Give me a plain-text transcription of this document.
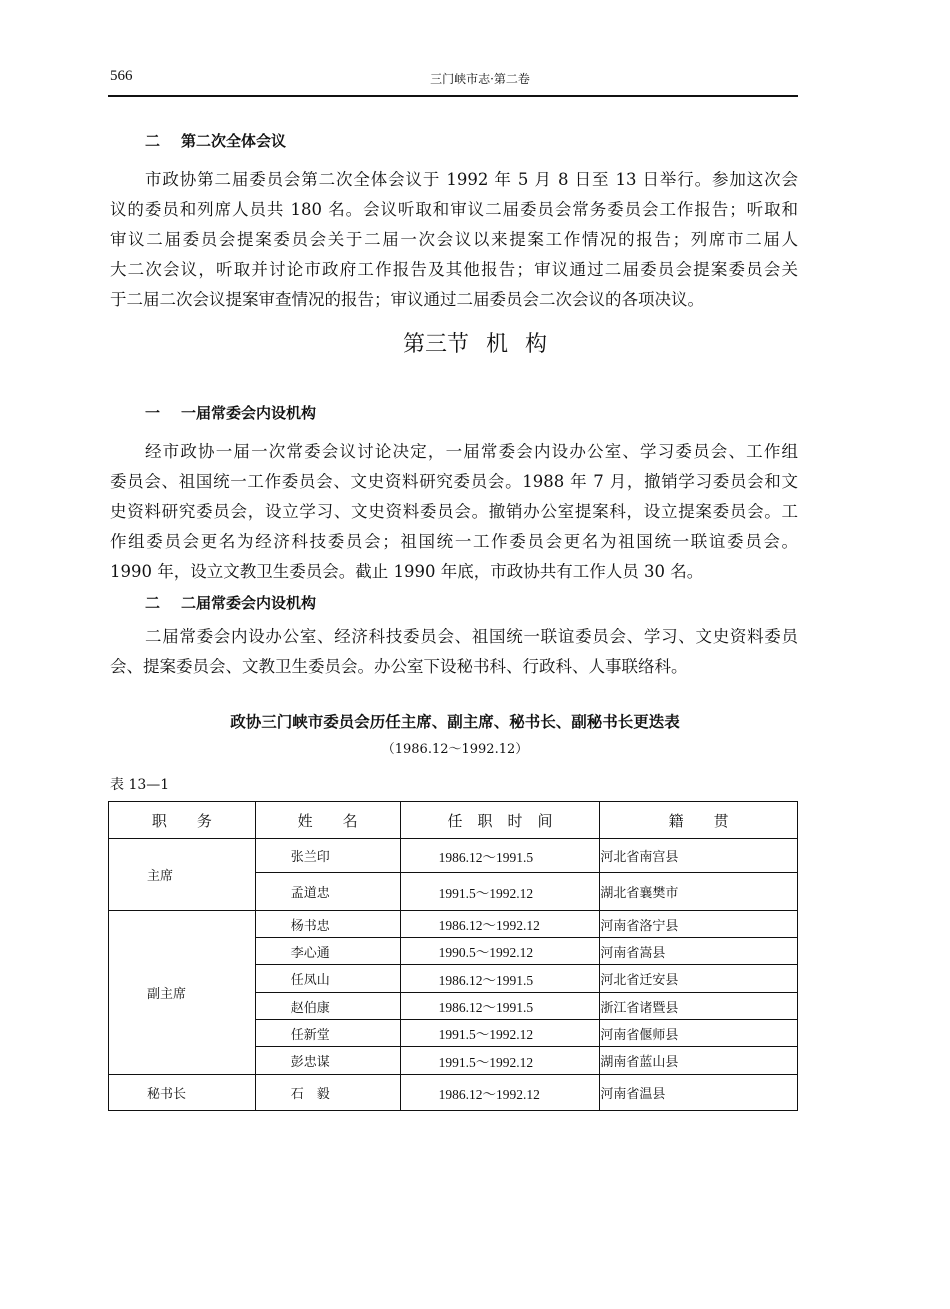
566	三门峡市志·第二卷
二 第二次全体会议
市政协第二届委员会第二次全体会议于 1992 年 5 月 8 日至 13 日举行。参加这次会
议的委员和列席人员共 180 名。会议听取和审议二届委员会常务委员会工作报告；听取和
审议二届委员会提案委员会关于二届一次会议以来提案工作情况的报告；列席市二届人
大二次会议，听取并讨论市政府工作报告及其他报告；审议通过二届委员会提案委员会关
于二届二次会议提案审查情况的报告；审议通过二届委员会二次会议的各项决议。
第三节 机 构
一 一届常委会内设机构
经市政协一届一次常委会议讨论决定，一届常委会内设办公室、学习委员会、工作组
委员会、祖国统一工作委员会、文史资料研究委员会。1988 年 7 月，撤销学习委员会和文
史资料研究委员会，设立学习、文史资料委员会。撤销办公室提案科，设立提案委员会。工
作组委员会更名为经济科技委员会；祖国统一工作委员会更名为祖国统一联谊委员会。
1990 年，设立文教卫生委员会。截止 1990 年底，市政协共有工作人员 30 名。
二 二届常委会内设机构
二届常委会内设办公室、经济科技委员会、祖国统一联谊委员会、学习、文史资料委员
会、提案委员会、文教卫生委员会。办公室下设秘书科、行政科、人事联络科。
政协三门峡市委员会历任主席、副主席、秘书长、副秘书长更迭表
（1986.12～1992.12）
表 13—1
职　　务	姓　　名	任　职　时　间	籍　　贯
主席	张兰印	1986.12～1991.5	河北省南宫县
	孟道忠	1991.5～1992.12	湖北省襄樊市
副主席	杨书忠	1986.12～1992.12	河南省洛宁县
	李心通	1990.5～1992.12	河南省嵩县
	任凤山	1986.12～1991.5	河北省迁安县
	赵伯康	1986.12～1991.5	浙江省诸暨县
	任新堂	1991.5～1992.12	河南省偃师县
	彭忠谋	1991.5～1992.12	湖南省蓝山县
秘书长	石　毅	1986.12～1992.12	河南省温县
